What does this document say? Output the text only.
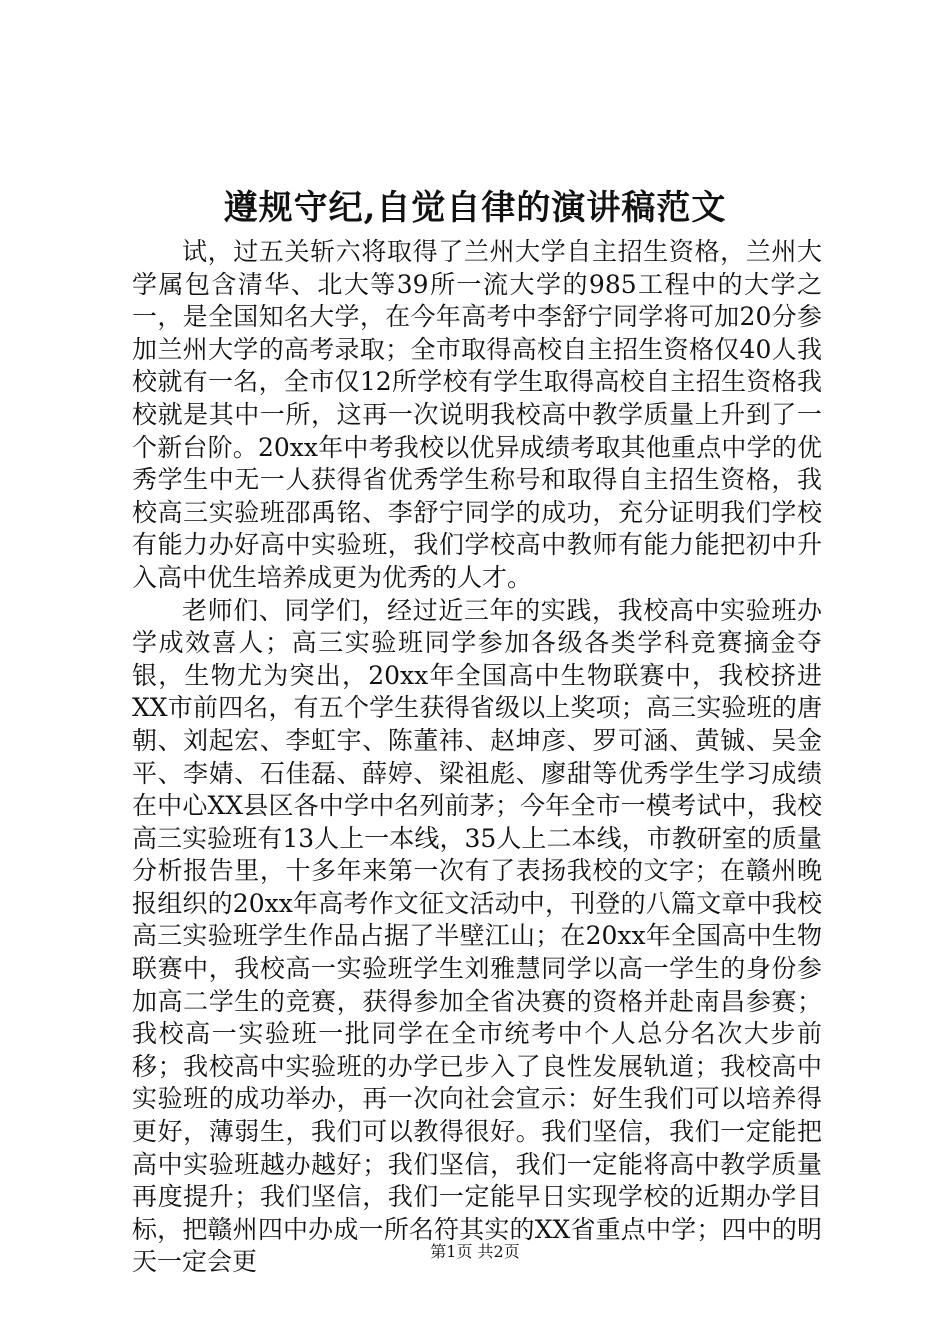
遵规守纪,自觉自律的演讲稿范文

试，过五关斩六将取得了兰州大学自主招生资格，兰州大学属包含清华、北大等39所一流大学的985工程中的大学之一，是全国知名大学，在今年高考中李舒宁同学将可加20分参加兰州大学的高考录取；全市取得高校自主招生资格仅40人我校就有一名，全市仅12所学校有学生取得高校自主招生资格我校就是其中一所，这再一次说明我校高中教学质量上升到了一个新台阶。20xx年中考我校以优异成绩考取其他重点中学的优秀学生中无一人获得省优秀学生称号和取得自主招生资格，我校高三实验班邵禹铭、李舒宁同学的成功，充分证明我们学校有能力办好高中实验班，我们学校高中教师有能力能把初中升入高中优生培养成更为优秀的人才。

老师们、同学们，经过近三年的实践，我校高中实验班办学成效喜人；高三实验班同学参加各级各类学科竞赛摘金夺银，生物尤为突出，20xx年全国高中生物联赛中，我校挤进XX市前四名，有五个学生获得省级以上奖项；高三实验班的唐朝、刘起宏、李虹宇、陈董祎、赵坤彦、罗可涵、黄铖、吴金平、李婧、石佳磊、薛婷、梁祖彪、廖甜等优秀学生学习成绩在中心XX县区各中学中名列前茅；今年全市一模考试中，我校高三实验班有13人上一本线，35人上二本线，市教研室的质量分析报告里，十多年来第一次有了表扬我校的文字；在赣州晚报组织的20xx年高考作文征文活动中，刊登的八篇文章中我校高三实验班学生作品占据了半壁江山；在20xx年全国高中生物联赛中，我校高一实验班学生刘雅慧同学以高一学生的身份参加高二学生的竞赛，获得参加全省决赛的资格并赴南昌参赛；我校高一实验班一批同学在全市统考中个人总分名次大步前移；我校高中实验班的办学已步入了良性发展轨道；我校高中实验班的成功举办，再一次向社会宣示：好生我们可以培养得更好，薄弱生，我们可以教得很好。我们坚信，我们一定能把高中实验班越办越好；我们坚信，我们一定能将高中教学质量再度提升；我们坚信，我们一定能早日实现学校的近期办学目标，把赣州四中办成一所名符其实的XX省重点中学；四中的明天一定会更	第1页 共2页
